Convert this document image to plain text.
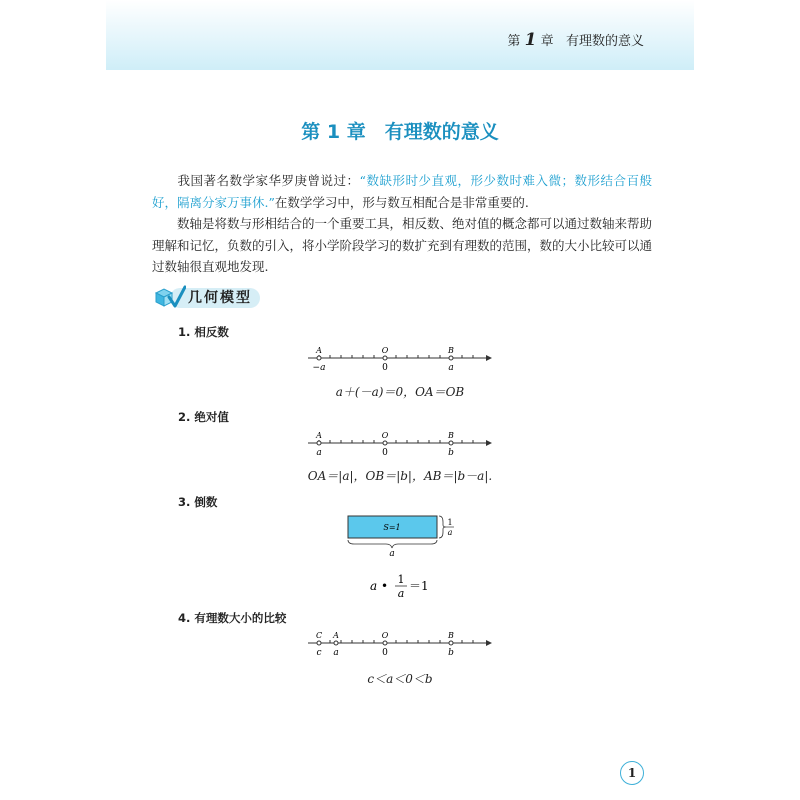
第 1 章 有理数的意义
第 1 章　有理数的意义
  我国著名数学家华罗庚曾说过：“数缺形时少直观，形少数时难入微；数形结合百般好，隔离分家万事休.”在数学学习中，形与数互相配合是非常重要的.
  数轴是将数与形相结合的一个重要工具，相反数、绝对值的概念都可以通过数轴来帮助理解和记忆，负数的引入，将小学阶段学习的数扩充到有理数的范围，数的大小比较可以通过数轴很直观地发现.
几何模型
1. 相反数
A	O	B
−a	0	a
a＋(－a)＝0，OA＝OB
2. 绝对值
A	O	B
a	0	b
OA＝|a|，OB＝|b|，AB＝|b－a|.
3. 倒数
S=1
1
a
a
a • 1
a
＝1
4. 有理数大小的比较
C A	O	B
c a	0	b
c＜a＜0＜b
1
